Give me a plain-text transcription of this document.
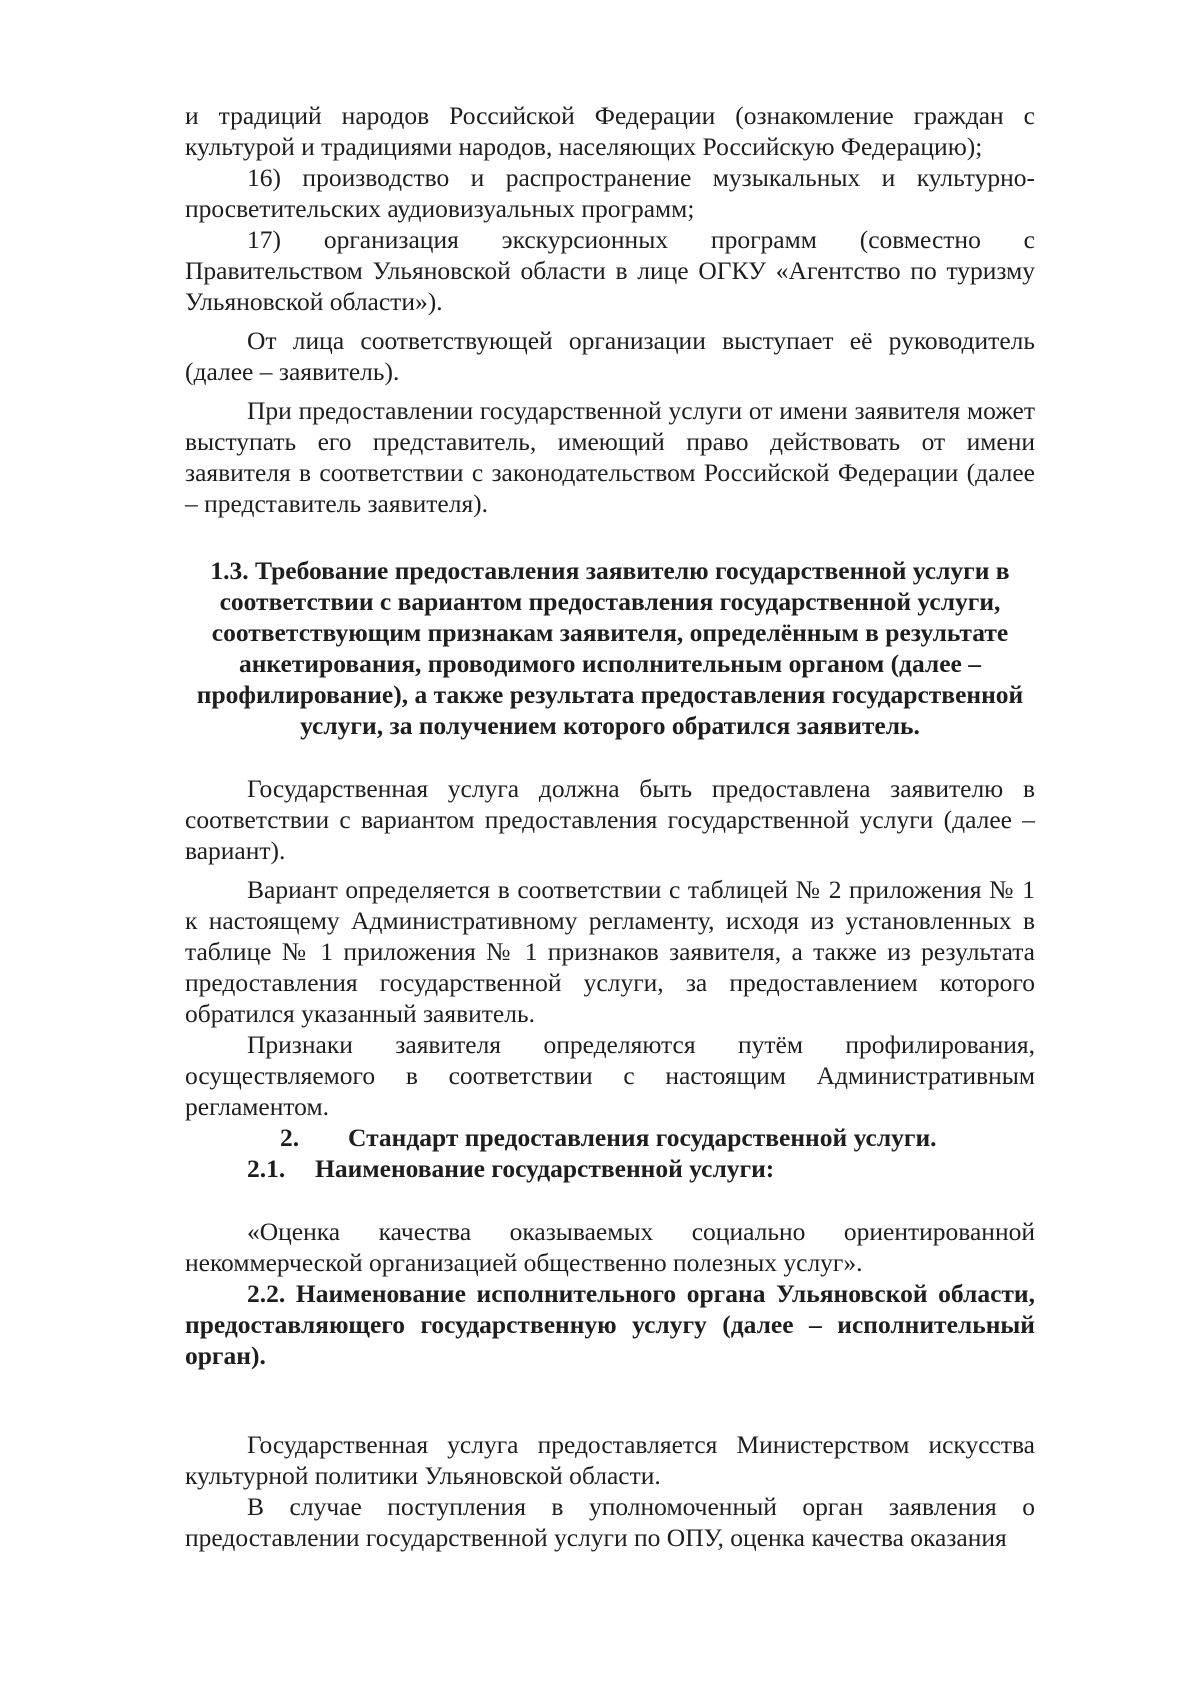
и традиций народов Российской Федерации (ознакомление граждан с культурой и традициями народов, населяющих Российскую Федерацию);

16) производство и распространение музыкальных и культурно-просветительских аудиовизуальных программ;

17) организация экскурсионных программ (совместно с Правительством Ульяновской области в лице ОГКУ «Агентство по туризму Ульяновской области»).

От лица соответствующей организации выступает её руководитель (далее – заявитель).

При предоставлении государственной услуги от имени заявителя может выступать его представитель, имеющий право действовать от имени заявителя в соответствии с законодательством Российской Федерации (далее – представитель заявителя).

1.3. Требование предоставления заявителю государственной услуги в соответствии с вариантом предоставления государственной услуги, соответствующим признакам заявителя, определённым в результате анкетирования, проводимого исполнительным органом (далее – профилирование), а также результата предоставления государственной услуги, за получением которого обратился заявитель.

Государственная услуга должна быть предоставлена заявителю в соответствии с вариантом предоставления государственной услуги (далее – вариант).

Вариант определяется в соответствии с таблицей № 2 приложения № 1 к настоящему Административному регламенту, исходя из установленных в таблице № 1 приложения № 1 признаков заявителя, а также из результата предоставления государственной услуги, за предоставлением которого обратился указанный заявитель.

Признаки заявителя определяются путём профилирования, осуществляемого в соответствии с настоящим Административным регламентом.

2.	Стандарт предоставления государственной услуги.
2.1.	Наименование государственной услуги:

«Оценка качества оказываемых социально ориентированной некоммерческой организацией общественно полезных услуг».

2.2. Наименование исполнительного органа Ульяновской области, предоставляющего государственную услугу (далее – исполнительный орган).

Государственная услуга предоставляется Министерством искусства культурной политики Ульяновской области.

В случае поступления в уполномоченный орган заявления о предоставлении государственной услуги по ОПУ, оценка качества оказания
